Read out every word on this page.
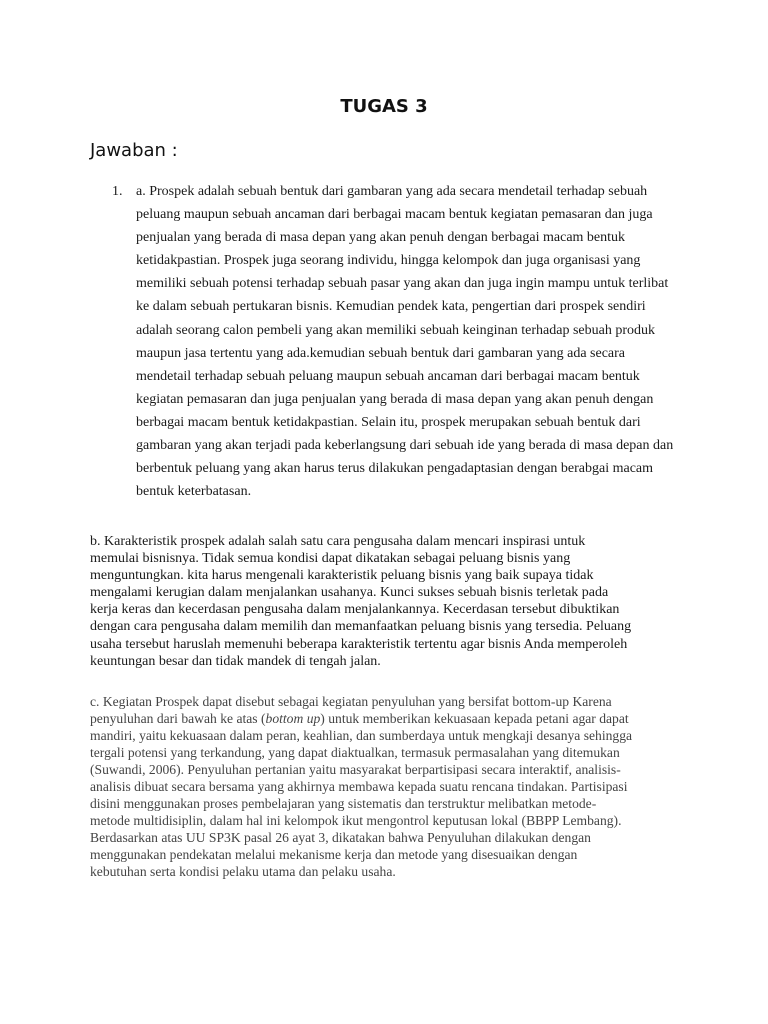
TUGAS 3
Jawaban :
1. a. Prospek adalah sebuah bentuk dari gambaran yang ada secara mendetail terhadap sebuah peluang maupun sebuah ancaman dari berbagai macam bentuk kegiatan pemasaran dan juga penjualan yang berada di masa depan yang akan penuh dengan berbagai macam bentuk ketidakpastian. Prospek juga seorang individu, hingga kelompok dan juga organisasi yang memiliki sebuah potensi terhadap sebuah pasar yang akan dan juga ingin mampu untuk terlibat ke dalam sebuah pertukaran bisnis. Kemudian pendek kata, pengertian dari prospek sendiri adalah seorang calon pembeli yang akan memiliki sebuah keinginan terhadap sebuah produk maupun jasa tertentu yang ada.kemudian sebuah bentuk dari gambaran yang ada secara mendetail terhadap sebuah peluang maupun sebuah ancaman dari berbagai macam bentuk kegiatan pemasaran dan juga penjualan yang berada di masa depan yang akan penuh dengan berbagai macam bentuk ketidakpastian. Selain itu, prospek merupakan sebuah bentuk dari gambaran yang akan terjadi pada keberlangsung dari sebuah ide yang berada di masa depan dan berbentuk peluang yang akan harus terus dilakukan pengadaptasian dengan berabgai macam bentuk keterbatasan.
b. Karakteristik prospek adalah salah satu cara pengusaha dalam mencari inspirasi untuk memulai bisnisnya. Tidak semua kondisi dapat dikatakan sebagai peluang bisnis yang menguntungkan. kita harus mengenali karakteristik peluang bisnis yang baik supaya tidak mengalami kerugian dalam menjalankan usahanya. Kunci sukses sebuah bisnis terletak pada kerja keras dan kecerdasan pengusaha dalam menjalankannya. Kecerdasan tersebut dibuktikan dengan cara pengusaha dalam memilih dan memanfaatkan peluang bisnis yang tersedia. Peluang usaha tersebut haruslah memenuhi beberapa karakteristik tertentu agar bisnis Anda memperoleh keuntungan besar dan tidak mandek di tengah jalan.
c. Kegiatan Prospek dapat disebut sebagai kegiatan penyuluhan yang bersifat bottom-up Karena penyuluhan dari bawah ke atas (bottom up) untuk memberikan kekuasaan kepada petani agar dapat mandiri, yaitu kekuasaan dalam peran, keahlian, dan sumberdaya untuk mengkaji desanya sehingga tergali potensi yang terkandung, yang dapat diaktualkan, termasuk permasalahan yang ditemukan (Suwandi, 2006). Penyuluhan pertanian yaitu masyarakat berpartisipasi secara interaktif, analisis-analisis dibuat secara bersama yang akhirnya membawa kepada suatu rencana tindakan. Partisipasi disini menggunakan proses pembelajaran yang sistematis dan terstruktur melibatkan metode-metode multidisiplin, dalam hal ini kelompok ikut mengontrol keputusan lokal (BBPP Lembang). Berdasarkan atas UU SP3K pasal 26 ayat 3, dikatakan bahwa Penyuluhan dilakukan dengan menggunakan pendekatan melalui mekanisme kerja dan metode yang disesuaikan dengan kebutuhan serta kondisi pelaku utama dan pelaku usaha.
